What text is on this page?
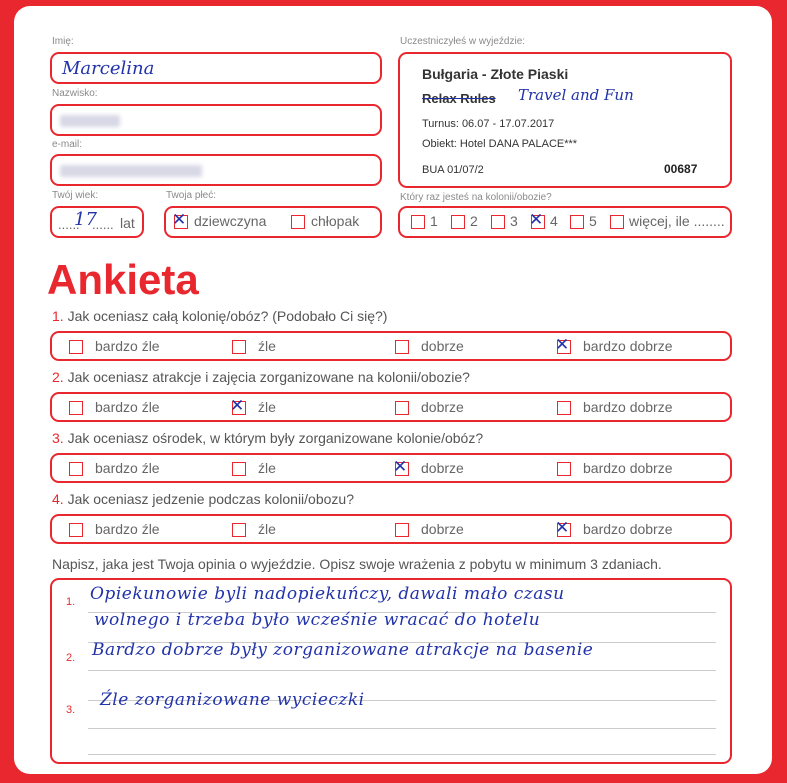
Imię:
Marcelina
Nazwisko:
e-mail:
Twój wiek:
......
17
...... lat
Twoja płeć:
✕ dziewczyna	chłopak
Uczestniczyłeś w wyjeździe:
Bułgaria - Złote Piaski
Relax Rules Travel and Fun
Turnus: 06.07 - 17.07.2017
Obiekt: Hotel DANA PALACE***
BUA 01/07/2	00687
Który raz jesteś na kolonii/obozie?
1 2 3 ✕ 4 5 więcej, ile ........
Ankieta
1. Jak oceniasz całą kolonię/obóz? (Podobało Ci się?)
bardzo źle	źle	dobrze	✕ bardzo dobrze
2. Jak oceniasz atrakcje i zajęcia zorganizowane na kolonii/obozie?
bardzo źle	✕ źle	dobrze	bardzo dobrze
3. Jak oceniasz ośrodek, w którym były zorganizowane kolonie/obóz?
bardzo źle	źle	✕ dobrze	bardzo dobrze
4. Jak oceniasz jedzenie podczas kolonii/obozu?
bardzo źle	źle	dobrze	✕ bardzo dobrze
Napisz, jaka jest Twoja opinia o wyjeździe. Opisz swoje wrażenia z pobytu w minimum 3 zdaniach.
1.
2.
3.
Opiekunowie byli nadopiekuńczy, dawali mało czasu
wolnego i trzeba było wcześnie wracać do hotelu
Bardzo dobrze były zorganizowane atrakcje na basenie
Źle zorganizowane wycieczki
